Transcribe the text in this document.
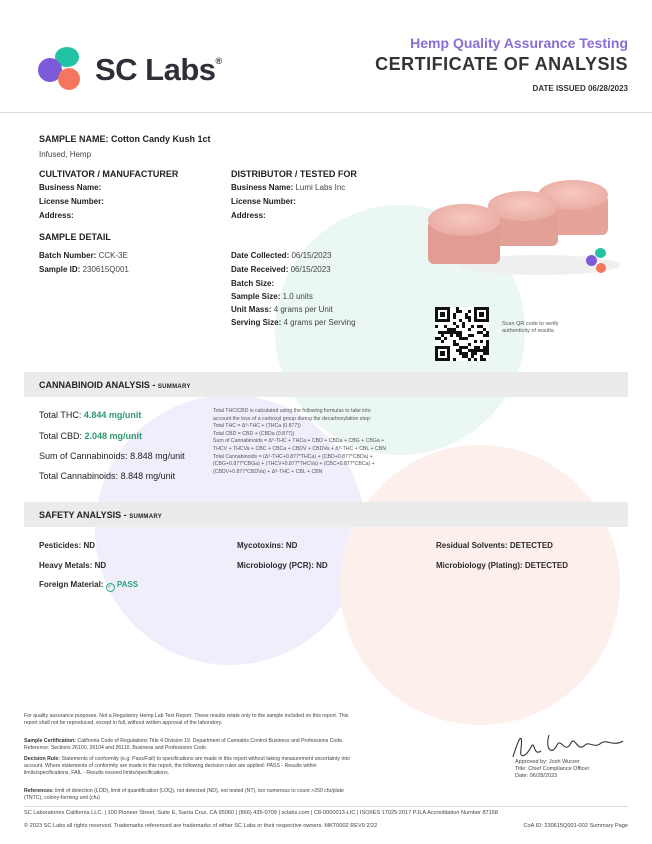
SC Labs®
Hemp Quality Assurance Testing
CERTIFICATE OF ANALYSIS
DATE ISSUED 06/28/2023
SAMPLE NAME: Cotton Candy Kush 1ct
Infused, Hemp
CULTIVATOR / MANUFACTURER
Business Name:
License Number:
Address:
DISTRIBUTOR / TESTED FOR
Business Name: Lumi Labs Inc
License Number:
Address:
SAMPLE DETAIL
Batch Number: CCK-3E
Sample ID: 230615Q001
Date Collected: 06/15/2023
Date Received: 06/15/2023
Batch Size:
Sample Size: 1.0 units
Unit Mass: 4 grams per Unit
Serving Size: 4 grams per Serving	Scan QR code to verify
authenticity of results.
CANNABINOID ANALYSIS - SUMMARY
Total THC: 4.844 mg/unit
Total CBD: 2.048 mg/unit
Sum of Cannabinoids: 8.848 mg/unit
Total Cannabinoids: 8.848 mg/unit
Total THC/CBD is calculated using the following formulas to take into
account the loss of a carboxyl group during the decarboxylation step:
Total THC = Δ⁹-THC + (THCa (0.877))
Total CBD = CBD + (CBDa (0.877))
Sum of Cannabinoids = Δ⁹-THC + THCa + CBD + CBDa + CBG + CBGa +
THCV + THCVa + CBC + CBCa + CBDV + CBDVa + Δ⁸-THC + CBL + CBN
Total Cannabinoids = (Δ⁹-THC+0.877*THCa) + (CBD+0.877*CBDa) +
(CBG+0.877*CBGa) + (THCV+0.877*THCVa) + (CBC+0.877*CBCa) +
(CBDV+0.877*CBDVa) + Δ⁸-THC + CBL + CBN
SAFETY ANALYSIS - SUMMARY
Pesticides: ND	Mycotoxins: ND	Residual Solvents: DETECTED
Heavy Metals: ND	Microbiology (PCR): ND	Microbiology (Plating): DETECTED
Foreign Material: ✓ PASS
For quality assurance purposes. Not a Regulatory Hemp Lab Test Report. These results relate only to the sample included on this report. This report shall not be reproduced, except in full, without written approval of the laboratory.
Sample Certification: California Code of Regulations Title 4 Division 19. Department of Cannabis Control Business and Professions Code. Reference: Sections 26100, 26104 and 26110, Business and Professions Code.
Decision Rule: Statements of conformity (e.g. Pass/Fail) to specifications are made in this report without taking measurement uncertainty into account. Where statements of conformity are made in this report, the following decision rules are applied: PASS - Results within limits/specifications, FAIL - Results exceed limits/specifications.
References: limit of detection (LOD), limit of quantification (LOQ), not detected (ND), not tested (NT), too numerous to count >250 cfu/plate (TNTC), colony-forming unit (cfu)
Approved by: Josh Wurzer
Title: Chief Compliance Officer
Date: 06/28/2023
SC Laboratories California LLC. | 100 Pioneer Street, Suite E, Santa Cruz, CA 95060 | (866) 435-0709 | sclabs.com | C8-0000013-LIC | ISO/IES 17025:2017 PJLA Accreditation Number 87168
© 2023 SC Labs all rights reserved. Trademarks referenced are trademarks of either SC Labs or their respective owners. MKT0002 REV9 2/22	CoA ID: 230615Q001-002 Summary Page
